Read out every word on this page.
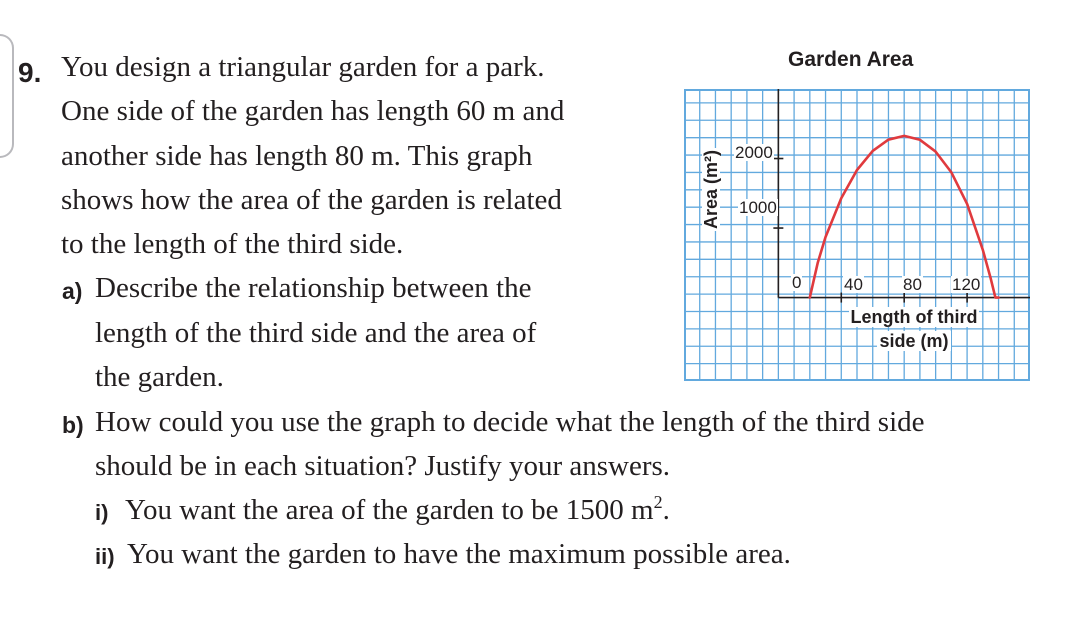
9. You design a triangular garden for a park.
One side of the garden has length 60 m and
another side has length 80 m. This graph
shows how the area of the garden is related
to the length of the third side.
a) Describe the relationship between the
length of the third side and the area of
the garden.
b) How could you use the graph to decide what the length of the third side
should be in each situation? Justify your answers.
i) You want the area of the garden to be 1500 $m^2$.
ii) You want the garden to have the maximum possible area.
Garden Area
2000
1000
0	40 80 120
Area (m²)
Length of third
side (m)
